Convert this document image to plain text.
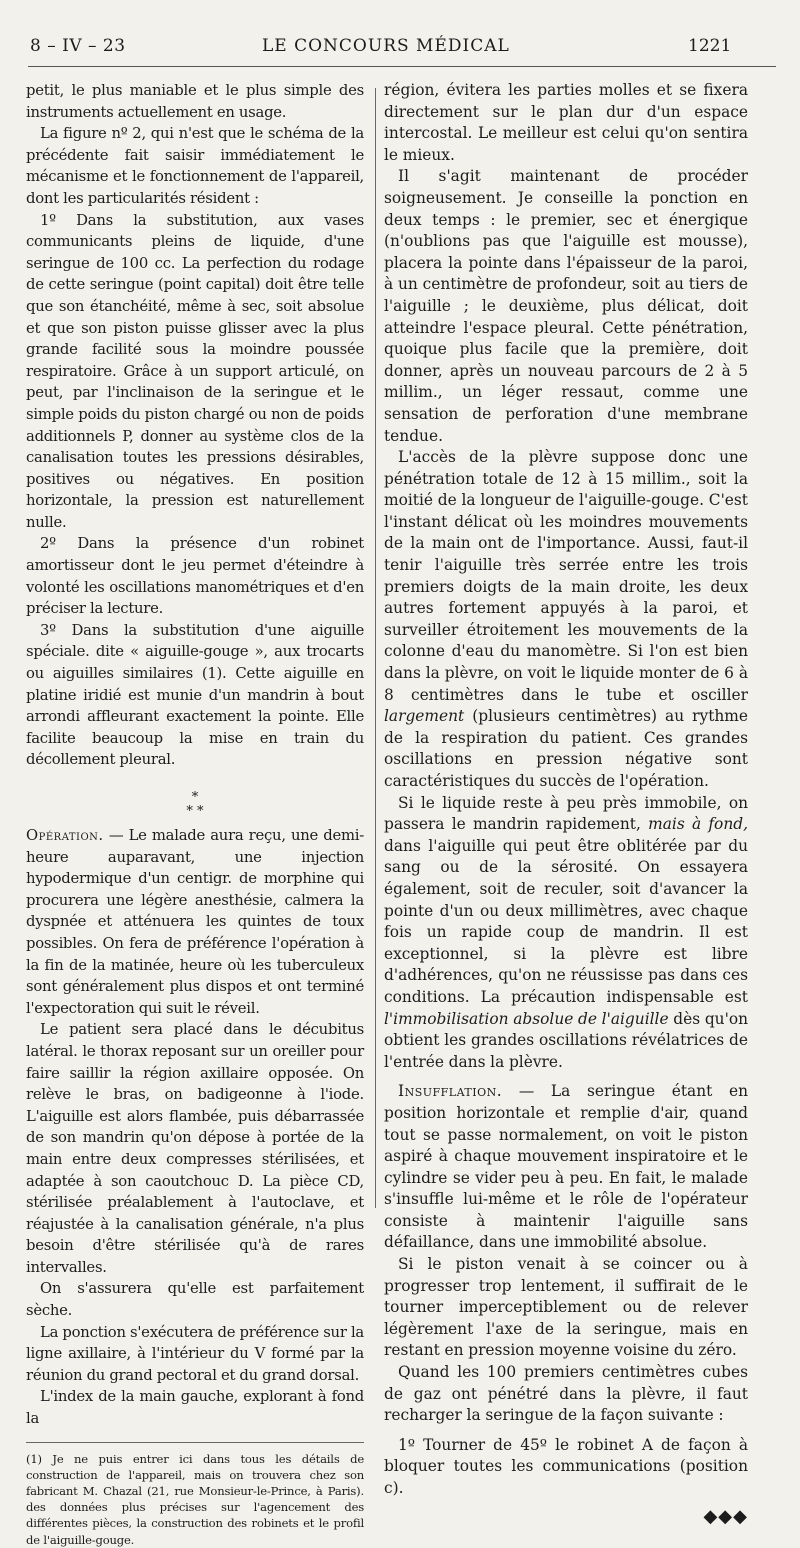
8 – IV – 23	LE CONCOURS MÉDICAL	1221

petit, le plus maniable et le plus simple des instruments actuellement en usage.

La figure nº 2, qui n'est que le schéma de la précédente fait saisir immédiatement le mécanisme et le fonctionnement de l'appareil, dont les particularités résident :

1º Dans la substitution, aux vases communicants pleins de liquide, d'une seringue de 100 cc. La perfection du rodage de cette seringue (point capital) doit être telle que son étanchéité, même à sec, soit absolue et que son piston puisse glisser avec la plus grande facilité sous la moindre poussée respiratoire. Grâce à un support articulé, on peut, par l'inclinaison de la seringue et le simple poids du piston chargé ou non de poids additionnels P, donner au système clos de la canalisation toutes les pressions désirables, positives ou négatives. En position horizontale, la pression est naturellement nulle.

2º Dans la présence d'un robinet amortisseur dont le jeu permet d'éteindre à volonté les oscillations manométriques et d'en préciser la lecture.

3º Dans la substitution d'une aiguille spéciale. dite « aiguille-gouge », aux trocarts ou aiguilles similaires (1). Cette aiguille en platine iridié est munie d'un mandrin à bout arrondi affleurant exactement la pointe. Elle facilite beaucoup la mise en train du décollement pleural.

*
* *

Opération. — Le malade aura reçu, une demi-heure auparavant, une injection hypodermique d'un centigr. de morphine qui procurera une légère anesthésie, calmera la dyspnée et atténuera les quintes de toux possibles. On fera de préférence l'opération à la fin de la matinée, heure où les tuberculeux sont généralement plus dispos et ont terminé l'expectoration qui suit le réveil.

Le patient sera placé dans le décubitus latéral. le thorax reposant sur un oreiller pour faire saillir la région axillaire opposée. On relève le bras, on badigeonne à l'iode. L'aiguille est alors flambée, puis débarrassée de son mandrin qu'on dépose à portée de la main entre deux compresses stérilisées, et adaptée à son caoutchouc D. La pièce CD, stérilisée préalablement à l'autoclave, et réajustée à la canalisation générale, n'a plus besoin d'être stérilisée qu'à de rares intervalles.

On s'assurera qu'elle est parfaitement sèche.

La ponction s'exécutera de préférence sur la ligne axillaire, à l'intérieur du V formé par la réunion du grand pectoral et du grand dorsal.

L'index de la main gauche, explorant à fond la

(1) Je ne puis entrer ici dans tous les détails de construction de l'appareil, mais on trouvera chez son fabricant M. Chazal (21, rue Monsieur-le-Prince, à Paris). des données plus précises sur l'agencement des différentes pièces, la construction des robinets et le profil de l'aiguille-gouge.

région, évitera les parties molles et se fixera directement sur le plan dur d'un espace intercostal. Le meilleur est celui qu'on sentira le mieux.

Il s'agit maintenant de procéder soigneusement. Je conseille la ponction en deux temps : le premier, sec et énergique (n'oublions pas que l'aiguille est mousse), placera la pointe dans l'épaisseur de la paroi, à un centimètre de profondeur, soit au tiers de l'aiguille ; le deuxième, plus délicat, doit atteindre l'espace pleural. Cette pénétration, quoique plus facile que la première, doit donner, après un nouveau parcours de 2 à 5 millim., un léger ressaut, comme une sensation de perforation d'une membrane tendue.

L'accès de la plèvre suppose donc une pénétration totale de 12 à 15 millim., soit la moitié de la longueur de l'aiguille-gouge. C'est l'instant délicat où les moindres mouvements de la main ont de l'importance. Aussi, faut-il tenir l'aiguille très serrée entre les trois premiers doigts de la main droite, les deux autres fortement appuyés à la paroi, et surveiller étroitement les mouvements de la colonne d'eau du manomètre. Si l'on est bien dans la plèvre, on voit le liquide monter de 6 à 8 centimètres dans le tube et osciller largement (plusieurs centimètres) au rythme de la respiration du patient. Ces grandes oscillations en pression négative sont caractéristiques du succès de l'opération.

Si le liquide reste à peu près immobile, on passera le mandrin rapidement, mais à fond, dans l'aiguille qui peut être oblitérée par du sang ou de la sérosité. On essayera également, soit de reculer, soit d'avancer la pointe d'un ou deux millimètres, avec chaque fois un rapide coup de mandrin. Il est exceptionnel, si la plèvre est libre d'adhérences, qu'on ne réussisse pas dans ces conditions. La précaution indispensable est l'immobilisation absolue de l'aiguille dès qu'on obtient les grandes oscillations révélatrices de l'entrée dans la plèvre.

Insufflation. — La seringue étant en position horizontale et remplie d'air, quand tout se passe normalement, on voit le piston aspiré à chaque mouvement inspiratoire et le cylindre se vider peu à peu. En fait, le malade s'insuffle lui-même et le rôle de l'opérateur consiste à maintenir l'aiguille sans défaillance, dans une immobilité absolue.

Si le piston venait à se coincer ou à progresser trop lentement, il suffirait de le tourner imperceptiblement ou de relever légèrement l'axe de la seringue, mais en restant en pression moyenne voisine du zéro.

Quand les 100 premiers centimètres cubes de gaz ont pénétré dans la plèvre, il faut recharger la seringue de la façon suivante :

1º Tourner de 45º le robinet A de façon à bloquer toutes les communications (position c).

◆◆◆
